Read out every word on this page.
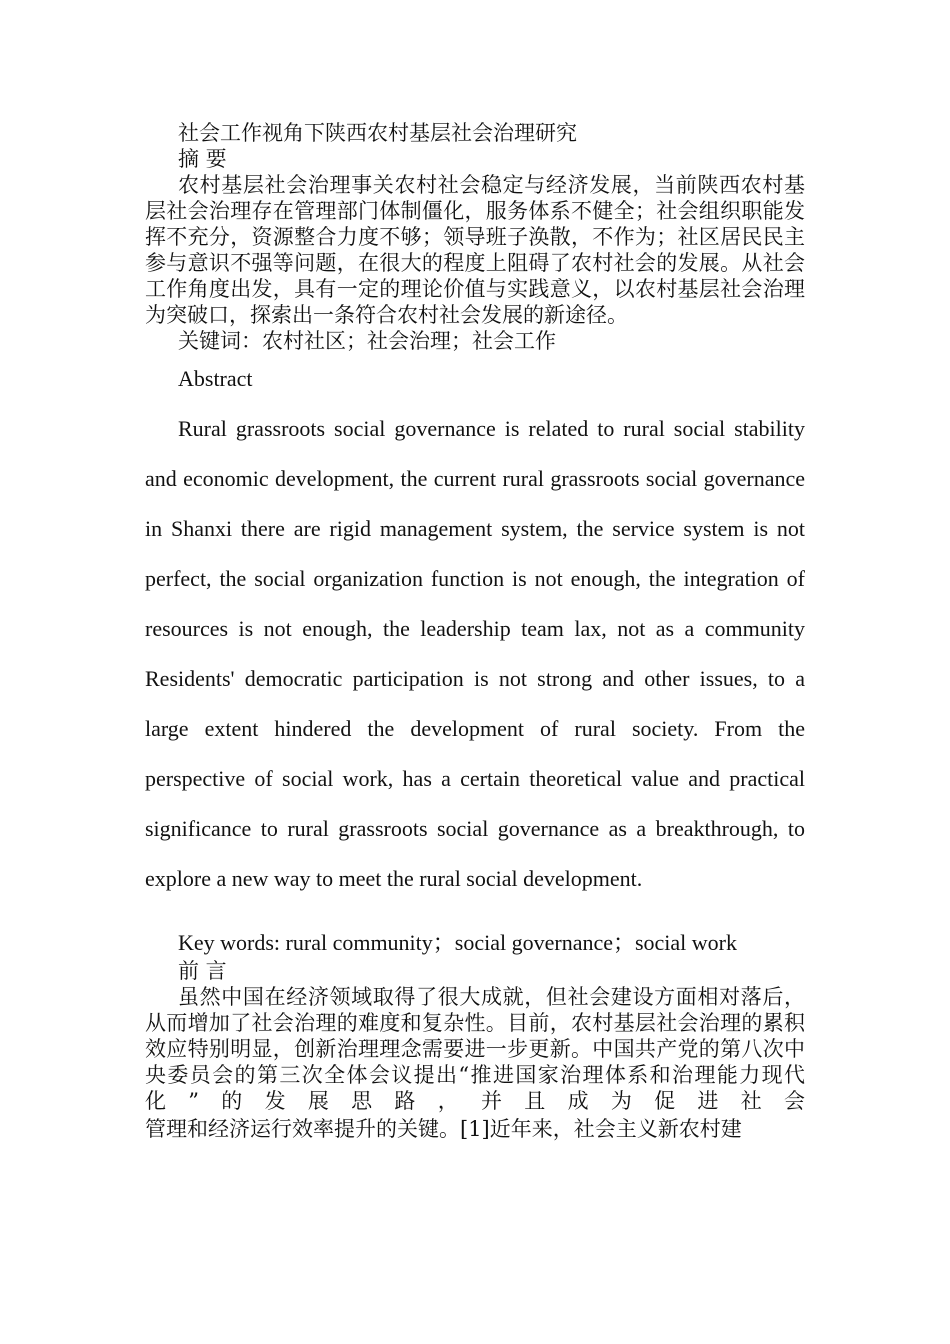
社会工作视角下陕西农村基层社会治理研究

摘 要

农村基层社会治理事关农村社会稳定与经济发展，当前陕西农村基层社会治理存在管理部门体制僵化，服务体系不健全；社会组织职能发挥不充分，资源整合力度不够；领导班子涣散，不作为；社区居民民主参与意识不强等问题，在很大的程度上阻碍了农村社会的发展。从社会工作角度出发，具有一定的理论价值与实践意义，以农村基层社会治理为突破口，探索出一条符合农村社会发展的新途径。

关键词：农村社区；社会治理；社会工作

Abstract

Rural grassroots social governance is related to rural social stability and economic development, the current rural grassroots social governance in Shanxi there are rigid management system, the service system is not perfect, the social organization function is not enough, the integration of resources is not enough, the leadership team lax, not as a community Residents' democratic participation is not strong and other issues, to a large extent hindered the development of rural society. From the perspective of social work, has a certain theoretical value and practical significance to rural grassroots social governance as a breakthrough, to explore a new way to meet the rural social development.

Key words: rural community；social governance；social work

前 言

虽然中国在经济领域取得了很大成就，但社会建设方面相对落后，从而增加了社会治理的难度和复杂性。目前，农村基层社会治理的累积效应特别明显，创新治理理念需要进一步更新。中国共产党的第八次中央委员会的第三次全体会议提出“推进国家治理体系和治理能力现代化”的发展思路，并且成为促进社会

管理和经济运行效率提升的关键。[1]近年来，社会主义新农村建
